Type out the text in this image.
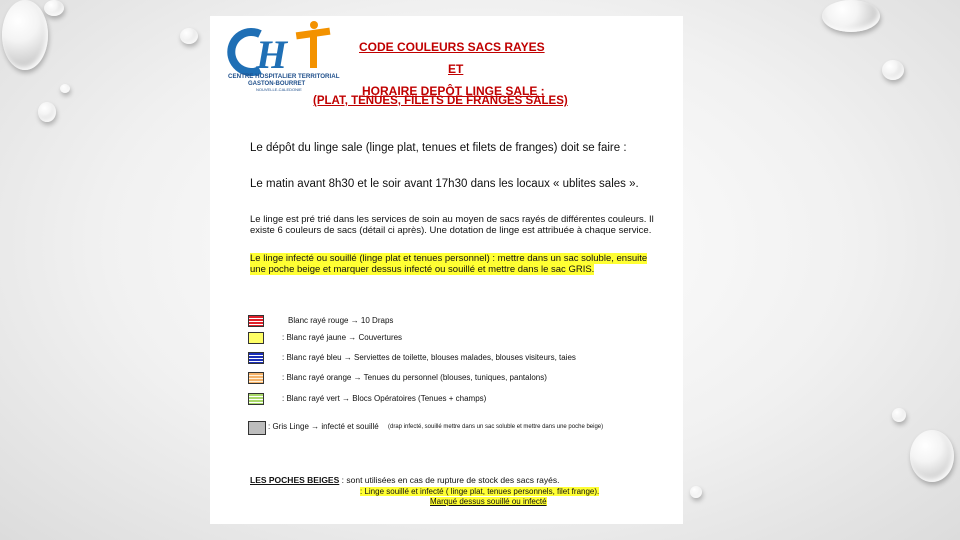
H
CENTRE HOSPITALIER TERRITORIAL
GASTON-BOURRET
NOUVELLE-CALEDONIE
CODE COULEURS SACS RAYES
ET
HORAIRE DEPÔT LINGE SALE :
(PLAT, TENUES, FILETS DE FRANGES SALES)
Le dépôt du linge sale (linge plat, tenues et filets de franges) doit se faire :
Le matin avant 8h30 et le soir avant 17h30 dans les locaux « ublites sales ».
Le linge est pré trié dans les services de soin au moyen de sacs rayés de différentes couleurs. Il existe 6 couleurs de sacs (détail ci après). Une dotation de linge est attribuée à chaque service.
Le linge infecté ou souillé (linge plat et tenues personnel) : mettre dans un sac soluble, ensuite une poche beige et marquer dessus infecté ou souillé et mettre dans le sac GRIS.
Blanc rayé rouge → 10 Draps
: Blanc rayé jaune → Couvertures
: Blanc rayé bleu → Serviettes de toilette, blouses malades, blouses visiteurs, taies
: Blanc rayé orange → Tenues du personnel (blouses, tuniques, pantalons)
: Blanc rayé vert → Blocs Opératoires (Tenues + champs)
: Gris Linge → infecté et souillé (drap infecté, souillé mettre dans un sac soluble et mettre dans une poche beige)
LES POCHES BEIGES : sont utilisées en cas de rupture de stock des sacs rayés.
: Linge souillé et infecté ( linge plat, tenues personnels, filet frange).
Marqué dessus souillé ou infecté
